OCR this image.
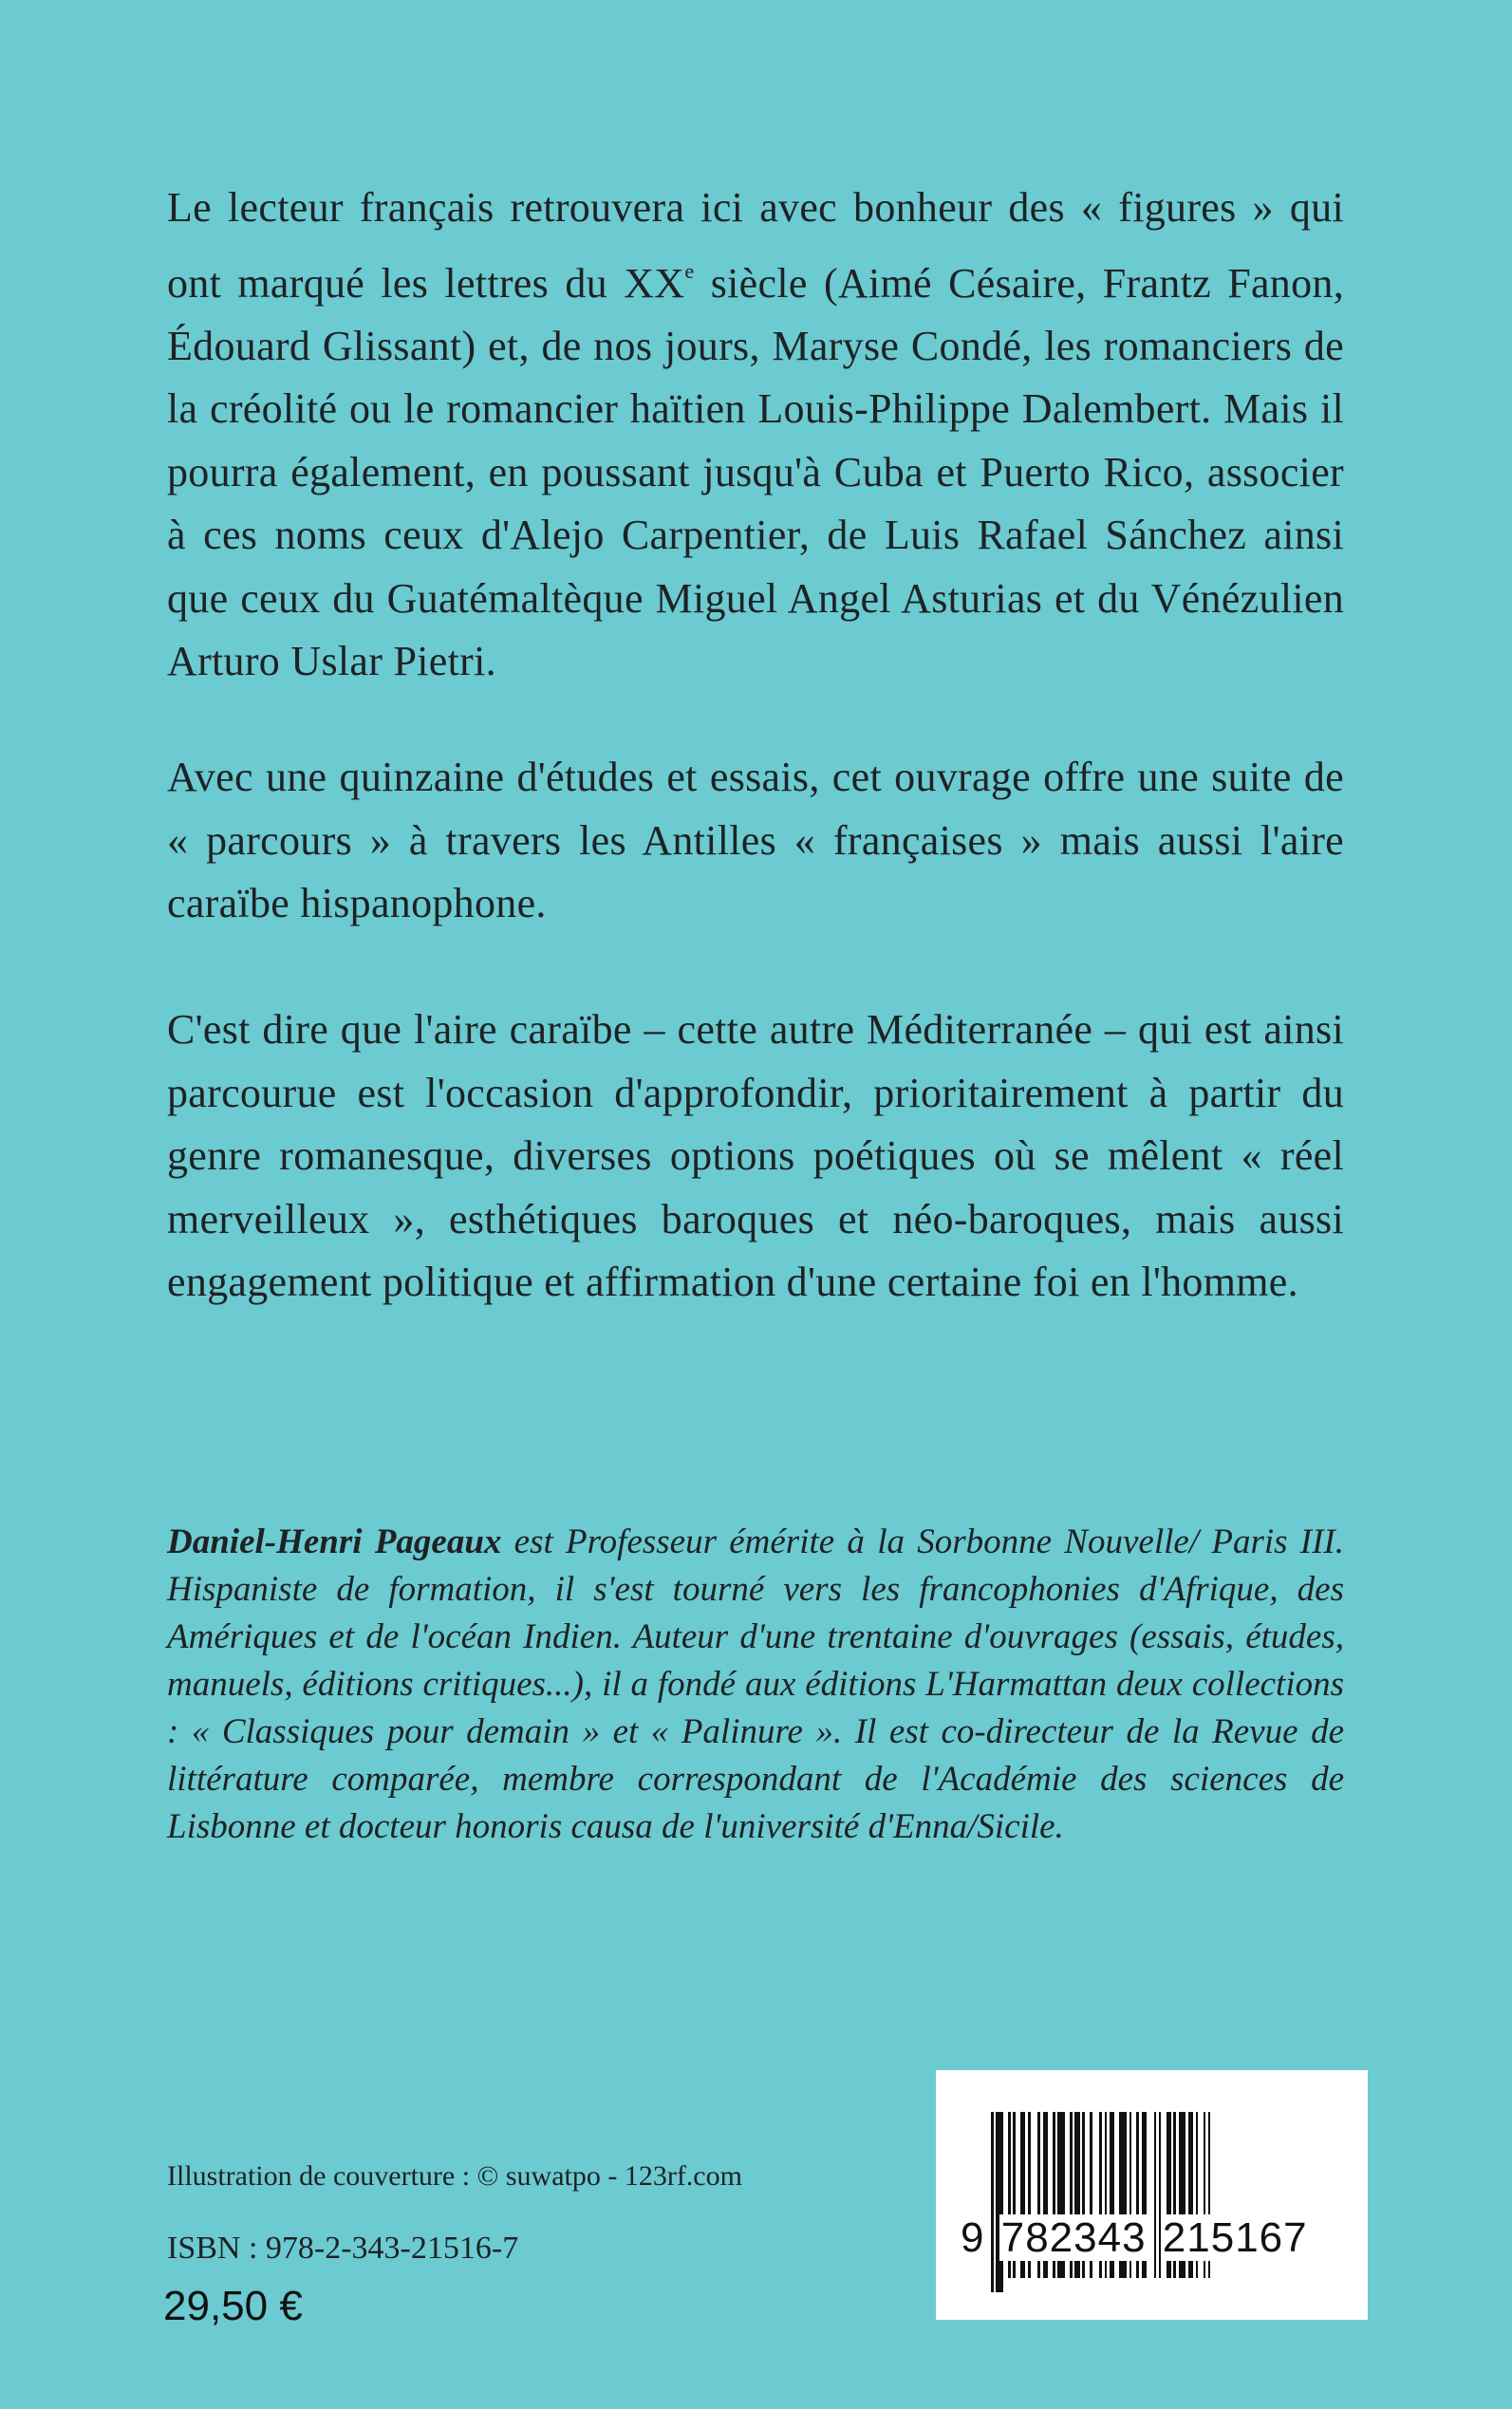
Le lecteur français retrouvera ici avec bonheur des « figures » qui ont marqué les lettres du XXe siècle (Aimé Césaire, Frantz Fanon, Édouard Glissant) et, de nos jours, Maryse Condé, les romanciers de la créolité ou le romancier haïtien Louis-Philippe Dalembert. Mais il pourra également, en poussant jusqu'à Cuba et Puerto Rico, associer à ces noms ceux d'Alejo Carpentier, de Luis Rafael Sánchez ainsi que ceux du Guatémaltèque Miguel Angel Asturias et du Vénézulien Arturo Uslar Pietri.

Avec une quinzaine d'études et essais, cet ouvrage offre une suite de « parcours » à travers les Antilles « françaises » mais aussi l'aire caraïbe hispanophone.

C'est dire que l'aire caraïbe – cette autre Méditerranée – qui est ainsi parcourue est l'occasion d'approfondir, prioritairement à partir du genre romanesque, diverses options poétiques où se mêlent « réel merveilleux », esthétiques baroques et néo-baroques, mais aussi engagement politique et affirmation d'une certaine foi en l'homme.

Daniel-Henri Pageaux est Professeur émérite à la Sorbonne Nouvelle/ Paris III. Hispaniste de formation, il s'est tourné vers les francophonies d'Afrique, des Amériques et de l'océan Indien. Auteur d'une trentaine d'ouvrages (essais, études, manuels, éditions critiques...), il a fondé aux éditions L'Harmattan deux collections : « Classiques pour demain » et « Palinure ». Il est co-directeur de la Revue de littérature comparée, membre correspondant de l'Académie des sciences de Lisbonne et docteur honoris causa de l'université d'Enna/Sicile.

Illustration de couverture : © suwatpo - 123rf.com
ISBN : 978-2-343-21516-7
29,50 €
9 782343 215167
